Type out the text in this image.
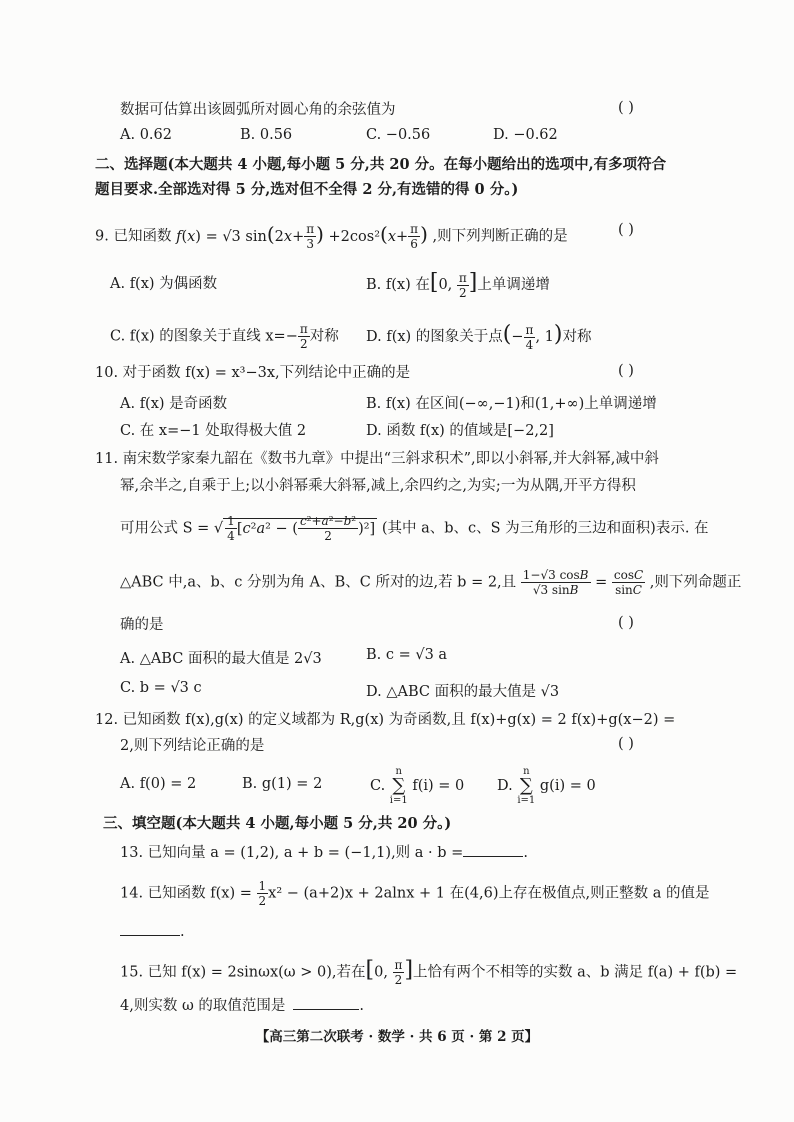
数据可估算出该圆弧所对圆心角的余弦值为	( )
A. 0.62	B. 0.56	C. −0.56	D. −0.62
二、选择题(本大题共 4 小题,每小题 5 分,共 20 分。在每小题给出的选项中,有多项符合
题目要求.全部选对得 5 分,选对但不全得 2 分,有选错的得 0 分。)
9. 已知函数 f(x) = √3 $\sin(2x+ \frac{\pi}{3}$ ) $+2\cos^2(x+ \frac{\pi}{6}$ ) ,则下列判断正确的是	( )
A. f(x) 为偶函数	B. f(x) 在[0, $\frac{\pi}{2}$ ]上单调递增
C. f(x) 的图象关于直线 $x=- \frac{\pi}{2}$ 对称 D. f(x) 的图象关于点(− $\frac{\pi}{4}$ , 1)对称
10. 对于函数 f(x) = x³−3x,下列结论中正确的是	( )
A. f(x) 是奇函数	B. f(x) 在区间(−∞,−1)和(1,+∞)上单调递增
C. 在 x=−1 处取得极大值 2	D. 函数 f(x) 的值域是[−2,2]
11. 南宋数学家秦九韶在《数书九章》中提出“三斜求积术”,即以小斜幂,并大斜幂,减中斜
幂,余半之,自乘于上;以小斜幂乘大斜幂,减上,余四约之,为实;一为从隅,开平方得积
可用公式 S = √ $\frac{1}{4} [c^2a^2$ − ( $\frac{\text{c²+a²−b²}}{2} )^2$] (其中 a、b、c、S 为三角形的三边和面积)表示. 在
△ABC 中,a、b、c 分别为角 A、B、C 所对的边,若 b = 2,且 $\frac{1-√3 \cos B}{√3 \sin B} = \frac{\cos C}{\sin C}$ ,则下列命题正
确的是	( )
A. △ABC 面积的最大值是 2√3	B. c = √3 a
C. b = √3 c	D. △ABC 面积的最大值是 √3
12. 已知函数 f(x),g(x) 的定义域都为 R,g(x) 为奇函数,且 f(x)+g(x) = 2 f(x)+g(x−2) =
2,则下列结论正确的是	( )
A. f(0) = 2	B. g(1) = 2	C.
n
∑
i=1
f(i) = 0 D.
n
∑
i=1
g(i) = 0
三、填空题(本大题共 4 小题,每小题 5 分,共 20 分。)
13. 已知向量 a = (1,2), a + b = (−1,1),则 a · b =	.
14. 已知函数 $f(x) = \frac{1}{2} x^2 - (a+2)x + 2alnx + 1$ 在(4,6)上存在极值点,则正整数 a 的值是
.
15. 已知 f(x) = 2sinωx(ω > 0),若在[0, $\frac{\pi}{2}$ ]上恰有两个不相等的实数 a、b 满足 f(a) + f(b) =
4,则实数 ω 的取值范围是	.
【高三第二次联考 · 数学 · 共 6 页 · 第 2 页】
